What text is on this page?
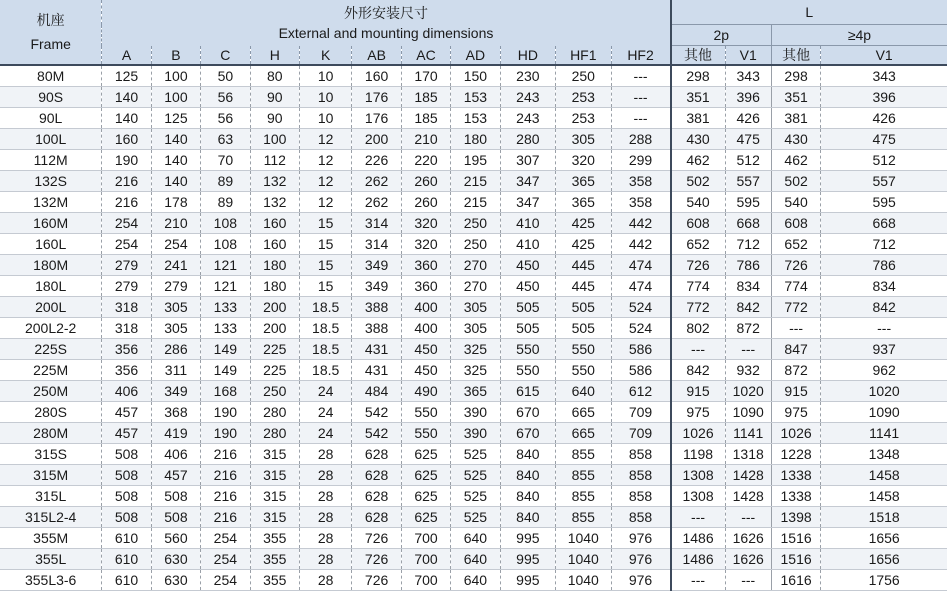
机座
Frame	外形安装尺寸
External and mounting dimensions											L			
												2p		≥4p	
	A	B	C	H	K	AB	AC	AD	HD	HF1	HF2	其他	V1	其他	V1
80M	125	100	50	80	10	160	170	150	230	250	---	298	343	298	343
90S	140	100	56	90	10	176	185	153	243	253	---	351	396	351	396
90L	140	125	56	90	10	176	185	153	243	253	---	381	426	381	426
100L	160	140	63	100	12	200	210	180	280	305	288	430	475	430	475
112M	190	140	70	112	12	226	220	195	307	320	299	462	512	462	512
132S	216	140	89	132	12	262	260	215	347	365	358	502	557	502	557
132M	216	178	89	132	12	262	260	215	347	365	358	540	595	540	595
160M	254	210	108	160	15	314	320	250	410	425	442	608	668	608	668
160L	254	254	108	160	15	314	320	250	410	425	442	652	712	652	712
180M	279	241	121	180	15	349	360	270	450	445	474	726	786	726	786
180L	279	279	121	180	15	349	360	270	450	445	474	774	834	774	834
200L	318	305	133	200	18.5	388	400	305	505	505	524	772	842	772	842
200L2-2	318	305	133	200	18.5	388	400	305	505	505	524	802	872	---	---
225S	356	286	149	225	18.5	431	450	325	550	550	586	---	---	847	937
225M	356	311	149	225	18.5	431	450	325	550	550	586	842	932	872	962
250M	406	349	168	250	24	484	490	365	615	640	612	915	1020	915	1020
280S	457	368	190	280	24	542	550	390	670	665	709	975	1090	975	1090
280M	457	419	190	280	24	542	550	390	670	665	709	1026	1141	1026	1141
315S	508	406	216	315	28	628	625	525	840	855	858	1198	1318	1228	1348
315M	508	457	216	315	28	628	625	525	840	855	858	1308	1428	1338	1458
315L	508	508	216	315	28	628	625	525	840	855	858	1308	1428	1338	1458
315L2-4	508	508	216	315	28	628	625	525	840	855	858	---	---	1398	1518
355M	610	560	254	355	28	726	700	640	995	1040	976	1486	1626	1516	1656
355L	610	630	254	355	28	726	700	640	995	1040	976	1486	1626	1516	1656
355L3-6	610	630	254	355	28	726	700	640	995	1040	976	---	---	1616	1756
